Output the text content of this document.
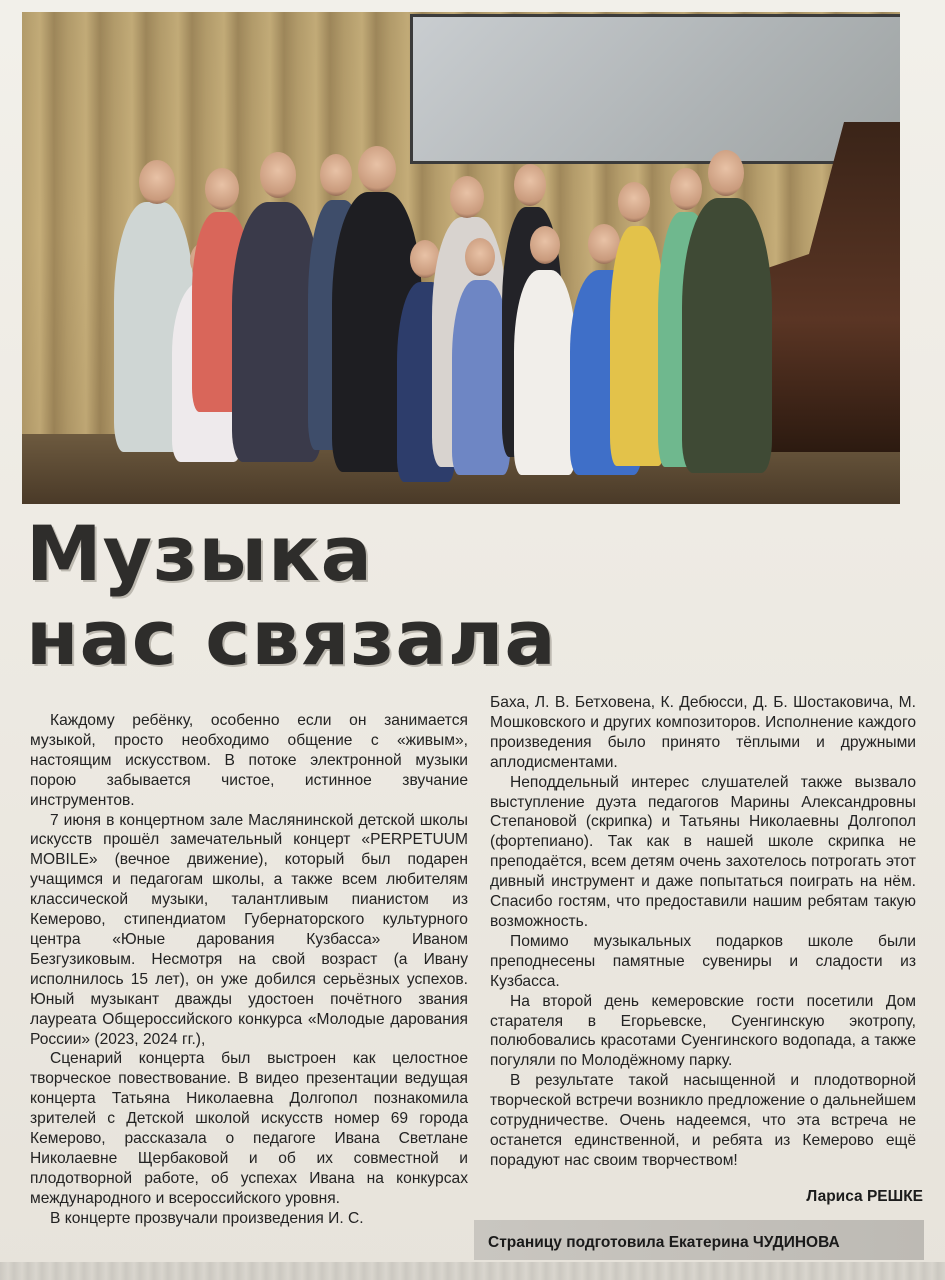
Музыка
нас связала

Каждому ребёнку, особенно если он занимается музыкой, просто необходимо общение с «живым», настоящим искусством. В потоке электронной музыки порою забывается чистое, истинное звучание инструментов.

7 июня в концертном зале Маслянинской детской школы искусств прошёл замечательный концерт «PERPETUUM MOBILE» (вечное движение), который был подарен учащимся и педагогам школы, а также всем любителям классической музыки, талантливым пианистом из Кемерово, стипендиатом Губернаторского культурного центра «Юные дарования Кузбасса» Иваном Безгузиковым. Несмотря на свой возраст (а Ивану исполнилось 15 лет), он уже добился серьёзных успехов. Юный музыкант дважды удостоен почётного звания лауреата Общероссийского конкурса «Молодые дарования России» (2023, 2024 гг.),

Сценарий концерта был выстроен как целостное творческое повествование. В видео презентации ведущая концерта Татьяна Николаевна Долгопол познакомила зрителей с Детской школой искусств номер 69 города Кемерово, рассказала о педагоге Ивана Светлане Николаевне Щербаковой и об их совместной и плодотворной работе, об успехах Ивана на конкурсах международного и всероссийского уровня.

В концерте прозвучали произведения И. С.

Баха, Л. В. Бетховена, К. Дебюсси, Д. Б. Шостаковича, М. Мошковского и других композиторов. Исполнение каждого произведения было принято тёплыми и дружными аплодисментами.

Неподдельный интерес слушателей также вызвало выступление дуэта педагогов Марины Александровны Степановой (скрипка) и Татьяны Николаевны Долгопол (фортепиано). Так как в нашей школе скрипка не преподаётся, всем детям очень захотелось потрогать этот дивный инструмент и даже попытаться поиграть на нём. Спасибо гостям, что предоставили нашим ребятам такую возможность.

Помимо музыкальных подарков школе были преподнесены памятные сувениры и сладости из Кузбасса.

На второй день кемеровские гости посетили Дом старателя в Егорьевске, Суенгинскую экотропу, полюбовались красотами Суенгинского водопада, а также погуляли по Молодёжному парку.

В результате такой насыщенной и плодотворной творческой встречи возникло предложение о дальнейшем сотрудничестве. Очень надеемся, что эта встреча не останется единственной, и ребята из Кемерово ещё порадуют нас своим творчеством!

Лариса РЕШКЕ
Страницу подготовила Екатерина ЧУДИНОВА
